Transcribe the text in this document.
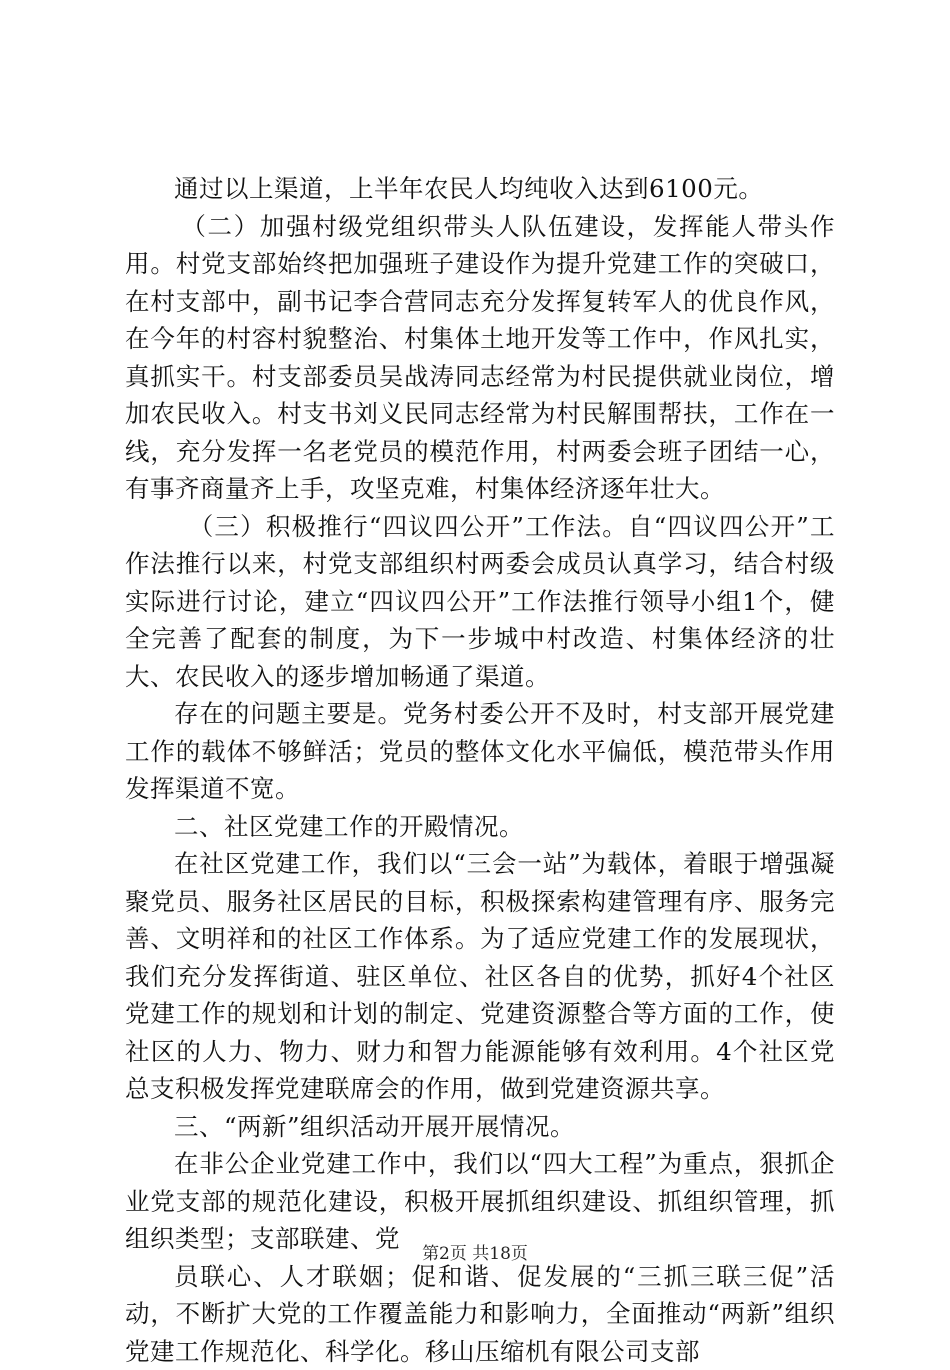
通过以上渠道，上半年农民人均纯收入达到6100元。

（二）加强村级党组织带头人队伍建设，发挥能人带头作用。村党支部始终把加强班子建设作为提升党建工作的突破口，在村支部中，副书记李合营同志充分发挥复转军人的优良作风，在今年的村容村貌整治、村集体土地开发等工作中，作风扎实，真抓实干。村支部委员吴战涛同志经常为村民提供就业岗位，增加农民收入。村支书刘义民同志经常为村民解围帮扶，工作在一线，充分发挥一名老党员的模范作用，村两委会班子团结一心，有事齐商量齐上手，攻坚克难，村集体经济逐年壮大。

（三）积极推行“四议四公开”工作法。自“四议四公开”工作法推行以来，村党支部组织村两委会成员认真学习，结合村级实际进行讨论，建立“四议四公开”工作法推行领导小组1个，健全完善了配套的制度，为下一步城中村改造、村集体经济的壮大、农民收入的逐步增加畅通了渠道。

存在的问题主要是。党务村委公开不及时，村支部开展党建工作的载体不够鲜活；党员的整体文化水平偏低，模范带头作用发挥渠道不宽。

二、社区党建工作的开殿情况。

在社区党建工作，我们以“三会一站”为载体，着眼于增强凝聚党员、服务社区居民的目标，积极探索构建管理有序、服务完善、文明祥和的社区工作体系。为了适应党建工作的发展现状，我们充分发挥街道、驻区单位、社区各自的优势，抓好4个社区党建工作的规划和计划的制定、党建资源整合等方面的工作，使社区的人力、物力、财力和智力能源能够有效利用。4个社区党总支积极发挥党建联席会的作用，做到党建资源共享。

三、“两新”组织活动开展开展情况。

在非公企业党建工作中，我们以“四大工程”为重点，狠抓企业党支部的规范化建设，积极开展抓组织建设、抓组织管理，抓组织类型；支部联建、党

员联心、人才联姻；促和谐、促发展的“三抓三联三促”活动，不断扩大党的工作覆盖能力和影响力，全面推动“两新”组织党建工作规范化、科学化。移山压缩机有限公司支部

第2页 共18页
